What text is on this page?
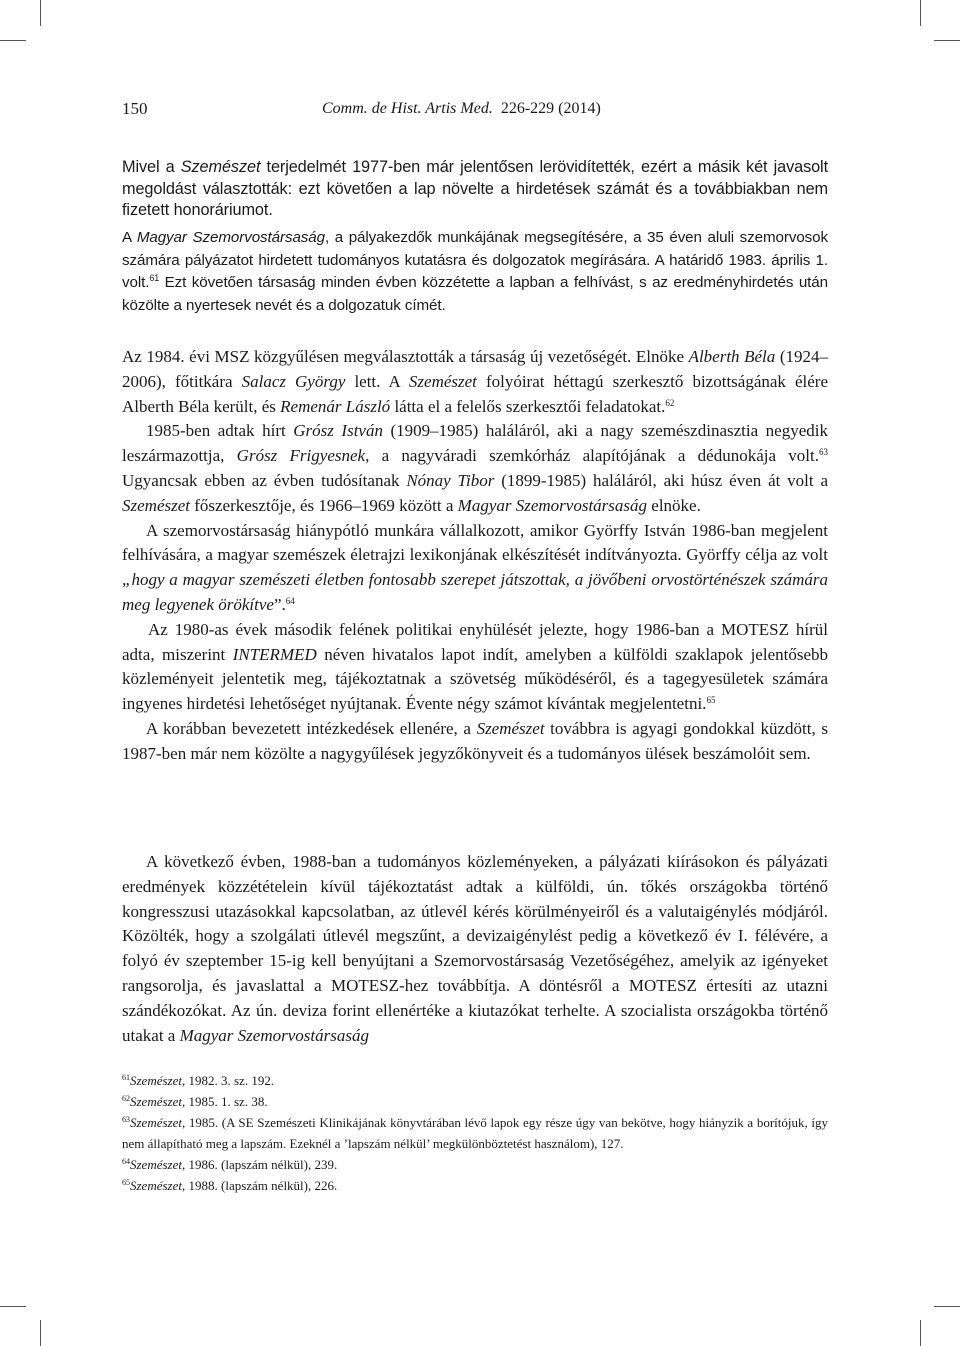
150	Comm. de Hist. Artis Med. 226-229 (2014)

Mivel a Szemészet terjedelmét 1977-ben már jelentősen lerövidítették, ezért a másik két javasolt megoldást választották: ezt követően a lap növelte a hirdetések számát és a továbbiakban nem fizetett honoráriumot.

A Magyar Szemorvostársaság, a pályakezdők munkájának megsegítésére, a 35 éven aluli szemorvosok számára pályázatot hirdetett tudományos kutatásra és dolgozatok megírására. A határidő 1983. április 1. volt.$^{61}$ Ezt követően társaság minden évben közzétette a lapban a felhívást, s az eredményhirdetés után közölte a nyertesek nevét és a dolgozatuk címét.

Az 1984. évi MSZ közgyűlésen megválasztották a társaság új vezetőségét. Elnöke Alberth Béla (1924–2006), főtitkára Salacz György lett. A Szemészet folyóirat héttagú szerkesztő bizottságának élére Alberth Béla került, és Remenár László látta el a felelős szerkesztői feladatokat.$^{62}$

1985-ben adtak hírt Grósz István (1909–1985) haláláról, aki a nagy szemészdinasztia negyedik leszármazottja, Grósz Frigyesnek, a nagyváradi szemkórház alapítójának a dédunokája volt.$^{63}$ Ugyancsak ebben az évben tudósítanak Nónay Tibor (1899-1985) haláláról, aki húsz éven át volt a Szemészet főszerkesztője, és 1966–1969 között a Magyar Szemorvostársaság elnöke.

A szemorvostársaság hiánypótló munkára vállalkozott, amikor Györffy István 1986-ban megjelent felhívására, a magyar szemészek életrajzi lexikonjának elkészítését indítványozta. Györffy célja az volt „hogy a magyar szemészeti életben fontosabb szerepet játszottak, a jövőbeni orvostörténészek számára meg legyenek örökítve”.$^{64}$

Az 1980-as évek második felének politikai enyhülését jelezte, hogy 1986-ban a MOTESZ hírül adta, miszerint INTERMED néven hivatalos lapot indít, amelyben a külföldi szaklapok jelentősebb közleményeit jelentetik meg, tájékoztatnak a szövetség működéséről, és a tagegyesületek számára ingyenes hirdetési lehetőséget nyújtanak. Évente négy számot kívántak megjelentetni.$^{65}$

A korábban bevezetett intézkedések ellenére, a Szemészet továbbra is agyagi gondokkal küzdött, s 1987-ben már nem közölte a nagygyűlések jegyzőkönyveit és a tudományos ülések beszámolóit sem.

A következő évben, 1988-ban a tudományos közleményeken, a pályázati kiírásokon és pályázati eredmények közzétételein kívül tájékoztatást adtak a külföldi, ún. tőkés országokba történő kongresszusi utazásokkal kapcsolatban, az útlevél kérés körülményeiről és a valutaigénylés módjáról. Közölték, hogy a szolgálati útlevél megszűnt, a devizaigénylést pedig a következő év I. félévére, a folyó év szeptember 15-ig kell benyújtani a Szemorvostársaság Vezetőségéhez, amelyik az igényeket rangsorolja, és javaslattal a MOTESZ-hez továbbítja. A döntésről a MOTESZ értesíti az utazni szándékozókat. Az ún. deviza forint ellenértéke a kiutazókat terhelte. A szocialista országokba történő utakat a Magyar Szemorvostársaság

$^{61}$Szemészet, 1982. 3. sz. 192.

$^{62}$Szemészet, 1985. 1. sz. 38.

$^{63}$Szemészet, 1985. (A SE Szemészeti Klinikájának könyvtárában lévő lapok egy része úgy van bekötve, hogy hiányzik a borítójuk, így nem állapítható meg a lapszám. Ezeknél a ’lapszám nélkül’ megkülönböztetést használom), 127.

$^{64}$Szemészet, 1986. (lapszám nélkül), 239.

$^{65}$Szemészet, 1988. (lapszám nélkül), 226.
